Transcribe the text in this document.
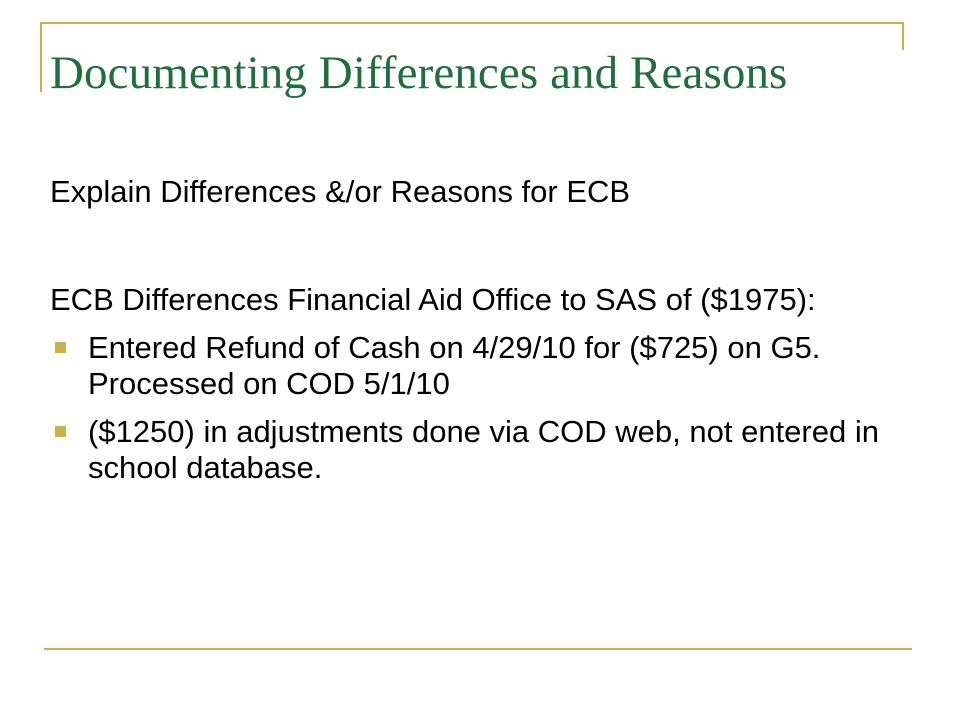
Documenting Differences and Reasons

Explain Differences &/or Reasons for ECB

ECB Differences Financial Aid Office to SAS of ($1975):

Entered Refund of Cash on 4/29/10 for ($725) on G5. Processed on COD 5/1/10
($1250) in adjustments done via COD web, not entered in school database.
